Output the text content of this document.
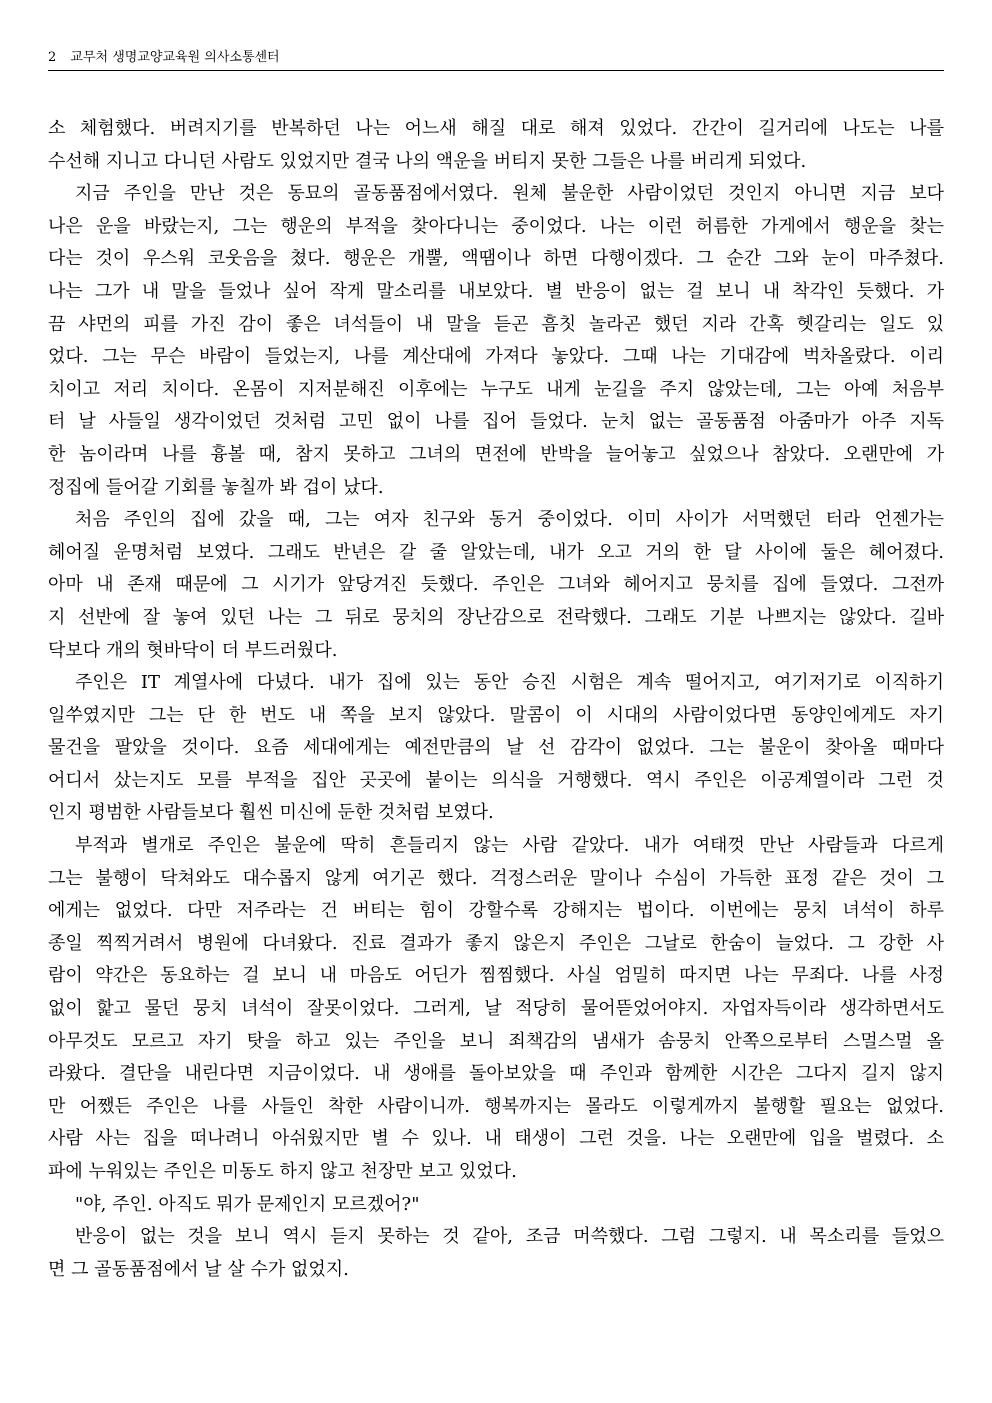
2 교무처 생명교양교육원 의사소통센터
소 체험했다. 버려지기를 반복하던 나는 어느새 해질 대로 해져 있었다. 간간이 길거리에 나도는 나를
수선해 지니고 다니던 사람도 있었지만 결국 나의 액운을 버티지 못한 그들은 나를 버리게 되었다.
지금 주인을 만난 것은 동묘의 골동품점에서였다. 원체 불운한 사람이었던 것인지 아니면 지금 보다
나은 운을 바랐는지, 그는 행운의 부적을 찾아다니는 중이었다. 나는 이런 허름한 가게에서 행운을 찾는
다는 것이 우스워 코웃음을 쳤다. 행운은 개뿔, 액땜이나 하면 다행이겠다. 그 순간 그와 눈이 마주쳤다.
나는 그가 내 말을 들었나 싶어 작게 말소리를 내보았다. 별 반응이 없는 걸 보니 내 착각인 듯했다. 가
끔 샤먼의 피를 가진 감이 좋은 녀석들이 내 말을 듣곤 흠칫 놀라곤 했던 지라 간혹 헷갈리는 일도 있
었다. 그는 무슨 바람이 들었는지, 나를 계산대에 가져다 놓았다. 그때 나는 기대감에 벅차올랐다. 이리
치이고 저리 치이다. 온몸이 지저분해진 이후에는 누구도 내게 눈길을 주지 않았는데, 그는 아예 처음부
터 날 사들일 생각이었던 것처럼 고민 없이 나를 집어 들었다. 눈치 없는 골동품점 아줌마가 아주 지독
한 놈이라며 나를 흉볼 때, 참지 못하고 그녀의 면전에 반박을 늘어놓고 싶었으나 참았다. 오랜만에 가
정집에 들어갈 기회를 놓칠까 봐 겁이 났다.
처음 주인의 집에 갔을 때, 그는 여자 친구와 동거 중이었다. 이미 사이가 서먹했던 터라 언젠가는
헤어질 운명처럼 보였다. 그래도 반년은 갈 줄 알았는데, 내가 오고 거의 한 달 사이에 둘은 헤어졌다.
아마 내 존재 때문에 그 시기가 앞당겨진 듯했다. 주인은 그녀와 헤어지고 뭉치를 집에 들였다. 그전까
지 선반에 잘 놓여 있던 나는 그 뒤로 뭉치의 장난감으로 전락했다. 그래도 기분 나쁘지는 않았다. 길바
닥보다 개의 혓바닥이 더 부드러웠다.
주인은 IT 계열사에 다녔다. 내가 집에 있는 동안 승진 시험은 계속 떨어지고, 여기저기로 이직하기
일쑤였지만 그는 단 한 번도 내 쪽을 보지 않았다. 말콤이 이 시대의 사람이었다면 동양인에게도 자기
물건을 팔았을 것이다. 요즘 세대에게는 예전만큼의 날 선 감각이 없었다. 그는 불운이 찾아올 때마다
어디서 샀는지도 모를 부적을 집안 곳곳에 붙이는 의식을 거행했다. 역시 주인은 이공계열이라 그런 것
인지 평범한 사람들보다 훨씬 미신에 둔한 것처럼 보였다.
부적과 별개로 주인은 불운에 딱히 흔들리지 않는 사람 같았다. 내가 여태껏 만난 사람들과 다르게
그는 불행이 닥쳐와도 대수롭지 않게 여기곤 했다. 걱정스러운 말이나 수심이 가득한 표정 같은 것이 그
에게는 없었다. 다만 저주라는 건 버티는 힘이 강할수록 강해지는 법이다. 이번에는 뭉치 녀석이 하루
종일 찍찍거려서 병원에 다녀왔다. 진료 결과가 좋지 않은지 주인은 그날로 한숨이 늘었다. 그 강한 사
람이 약간은 동요하는 걸 보니 내 마음도 어딘가 찜찜했다. 사실 엄밀히 따지면 나는 무죄다. 나를 사정
없이 핥고 물던 뭉치 녀석이 잘못이었다. 그러게, 날 적당히 물어뜯었어야지. 자업자득이라 생각하면서도
아무것도 모르고 자기 탓을 하고 있는 주인을 보니 죄책감의 냄새가 솜뭉치 안쪽으로부터 스멀스멀 올
라왔다. 결단을 내린다면 지금이었다. 내 생애를 돌아보았을 때 주인과 함께한 시간은 그다지 길지 않지
만 어쨌든 주인은 나를 사들인 착한 사람이니까. 행복까지는 몰라도 이렇게까지 불행할 필요는 없었다.
사람 사는 집을 떠나려니 아쉬웠지만 별 수 있나. 내 태생이 그런 것을. 나는 오랜만에 입을 벌렸다. 소
파에 누워있는 주인은 미동도 하지 않고 천장만 보고 있었다.
"야, 주인. 아직도 뭐가 문제인지 모르겠어?"
반응이 없는 것을 보니 역시 듣지 못하는 것 같아, 조금 머쓱했다. 그럼 그렇지. 내 목소리를 들었으
면 그 골동품점에서 날 살 수가 없었지.
